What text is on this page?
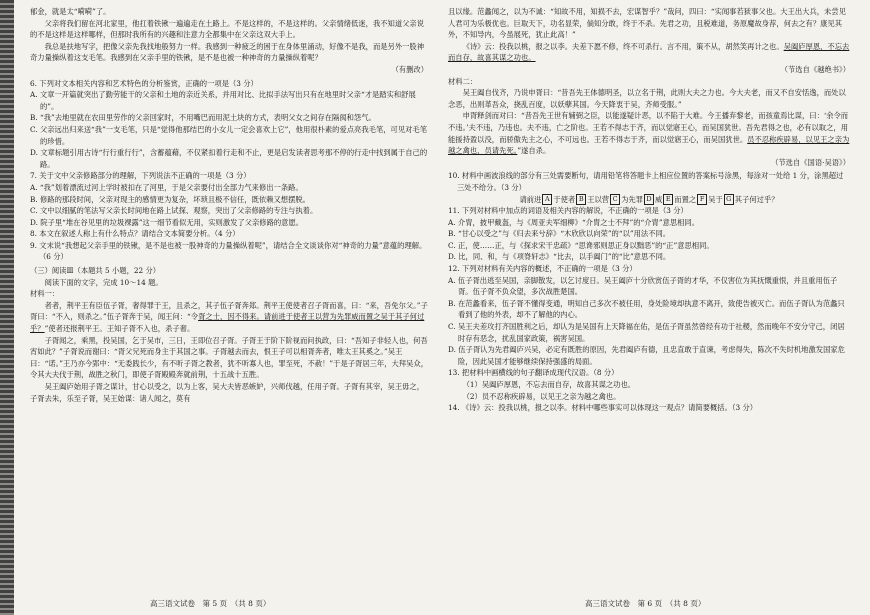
郁金，就是太“嗬嗬”了。

父亲将我们留在河北家里，他扛着铁锹一遍遍走在土路上。不是这样的，不是这样的。父亲情绪低迷，我不知道父亲说的不是这样是这样哪样，但那时我所有的兴趣和注意力全都集中在父亲这双大手上。

我总是扶地写字，把像父亲先我找地般努力一样。我感到一种疲乏的困于在身体里涌动，好像不是我，而是另外一股神奇力量操纵着这支毛笔。我感到在父亲手里的铁锹，是不是也被一种神奇的力量操纵着呢？

（有删改）

6. 下列对文本相关内容和艺术特色的分析鉴赏，正确的一项是（3 分）

A. 文章一开篇就突出了勤劳能干的父亲和土地的亲近关系，并用对比、比拟手法写出只有在地里时父亲“才是踏实和舒展的”。

B. “我”去地里就在农田里劳作的父亲回家时，不用嘴巴而用泥土块的方式，表明父女之间存在隔阂和怨气。

C. 父亲远出归来送“我”一支毛笔，只是“觉得他那结巴的小女儿一定会喜欢上它”，他用很朴素的爱点亮我毛笔，可见对毛笔的珍惜。

D. 文章标题引用古诗“行行重行行”，含蓄蕴藉，不仅紧扣着行走和不止，更是启发读者思考那不停的行走中找到属于自己的路。

7. 关于文中父亲修路部分的理解，下列说法不正确的一项是（3 分）

A. “我”划着漂流过河上学时被扣在了河里，于是父亲要付出全部力气来修出一条路。

B. 修路的那段时间，父亲对现主的感情更为复杂，坏琐且极不信任，既依赖又想摆脱。

C. 文中以细腻的笔法写父亲长时间地在路上试探、观察，突出了父亲修路的专注与执着。

D. 院子里“堆在谷见里的垃圾裸露”这一细节看似无用，实则激发了父亲修路的意愿。

8. 本文在叙述人称上有什么特点？请结合文本简要分析。（4 分）

9. 文末说“我想起父亲手里的铁锹，是不是也被一股神奇的力量操纵着呢”，请结合全文谈谈你对“神奇的力量”意蕴的理解。（6 分）

（三）阅读Ⅲ（本题共 5 小题，22 分）

阅读下面的文字，完成 10～14 题。

材料一：

者者，荆平王有臣伍子胥，奢得罪于王，且杀之，其子伍子胥奔郑。荆平王使使者召子胥而喜，曰：“来，吾免尔父。”子胥曰：“不入，则杀之。”伍子胥奔于吴，闻王问：“令胥之士，因不得来。请前进于使者王以营为先罪威而置之吴于其子何过乎？”使者还报荆平王。王知子胥不入也，杀子奢。

子胥闻之，乘黑，投吴国，乞于吴市，三日，王即位召子胥。子胥王于阶下阶视而问执政，曰：“吾知子非轻人也，何吾宵如此？”子胥说而谢曰：“胥父兄死而身主于其国之事。子胥越去而去，恨王子可以相胥奔者，唯太王其奚之。”吴王曰：“诺。”王乃亦今郢中：“无委践长少，有不听子胥之教者，犹不听寡人也，罪至死，不赦！”于是子胥居三年，大拜吴众，令其大夫伐于荆，战胜之秋门，即使子胥殿殿奔就前荆，十五战十五胜。

吴王阖庐始用子胥之谋计，甘心以受之，以为上客，吴大夫皆恶嫉妒，兴师伐越，任用子胥。子胥有其宰，吴王毋之，子胥去朱，乐至子胥，吴王始谋：诸人闻之，莫有

且以缘。范蠡闻之，以为不诚：“知故不用，知损不去，宏谋智乎？”哉问，四曰：“实闻事若狱事父也。大王出大兵，未尝见人君可为乐极优也。巨取天下，功名显荣，倘知分敢，终于不杀。先君之功，且税难道，务原魔故身荐，何去之有？康见其外，不知导内，今虽展死，犹止此高！”

《诗》云：投我以桃，报之以李。夫差下愿不修，终不可杀行。言不用，策不从，胡然笑再计之也。吴阖庐厚恩，不忘去而自存，故喜其谋之功也。

（节选自《越绝书》）

材料二：

吴王阖自伐齐，乃说申胥曰：“昔吾先王体德明圣，以立名于荆，此则大夫之力也。今大夫老，而又不自安恬逸，而处以念恶，出则革吾众，挠乱百度，以妖孽其国。今天降衷于吴，齐师受服。”

申胥释剑而对曰：“昔吾先王世有辅弼之臣，以能遂疑计恶，以不陷于大难。今王播弃黎老，而孩童焉比谋，曰：‘余令而不违。’夫不违，乃违也。夫不违，亡之阶也。王若不得志于齐，而以觉寤王心，而吴国犹世。吾先君得之也，必有以取之，用能援持盈以没，而骄傲先主之心，不可远也。王若不得志于齐，而以觉寤王心，而吴国犹世。员不忍称疾辟易，以见王之亲为越之禽也，员请先死。”遂自杀。

（节选自《国语·吴语》）

10. 材料中画波浪线的部分有三处需要断句，请用铅笔将答题卡上相应位置的答案标号涂黑，每涂对一处给 1 分，涂黑超过三处不给分。（3 分）

请前进 A 于使者 B 王以营 C 为先罪 D 威 E 而置之 F 吴于 G 其子何过乎？

11. 下列对材料中加点的词语及相关内容的解说，不正确的一项是（3 分）

A. 介胄，披甲戴盔，与《周亚夫军细柳》“介胄之士不拜”的“介胄”意思相同。

B. “甘心以受之”与《归去来兮辞》“木欣欣以向荣”的“以”用法不同。

C. 正，使……正，与《探求宋干忠疏》“思谗邪则思正身以黜恶”的“正”意思相同。

D. 比，同、和，与《项脊轩志》“比去，以手阖门”的“比”意思不同。

12. 下列对材料有关内容的概述，不正确的一项是（3 分）

A. 伍子胥出逃至吴国，亲脚散发，以乞讨度日。吴王阖庐十分欣赏伍子胥的才华，不仅害位为其抚慨重恨，并且重用伍子胥。伍子胥不负众望，多次战胜楚国。

B. 在范蠡看来，伍子胥不懂得变通，明知自己多次不被任用，身处险境却执意不离开，致使告被灭亡。而伍子胥认为范蠡只看到了他的外表，却不了解他的内心。

C. 吴王夫差攻打齐国胜利之后，却认为是吴国有上天降福在佑，是伍子胥虽然曾经有功于社稷，然而晚年不安分守己，闭居时存有恶念，扰乱国家政策，祸害吴国。

D. 伍子胥认为先君阖庐兴吴，必定有既胜的原因，先君阖庐有德，且忠直敢于直谏，考虑得失，陈次不失时机地激发国家危险，因此吴国才能够继续保持强盛的局面。

13. 把材料中画横线的句子翻译成现代汉语。（8 分）

（1）吴阖庐厚恩，不忘去而自存，故喜其谋之功也。

（2）员不忍称疾辟易，以见王之亲为越之禽也。

14. 《诗》云：投我以桃，报之以李。材料中哪些事实可以体现这一观点？请简要概括。（3 分）

高三语文试卷　第 5 页　（共 8 页）	高三语文试卷　第 6 页　（共 8 页）
